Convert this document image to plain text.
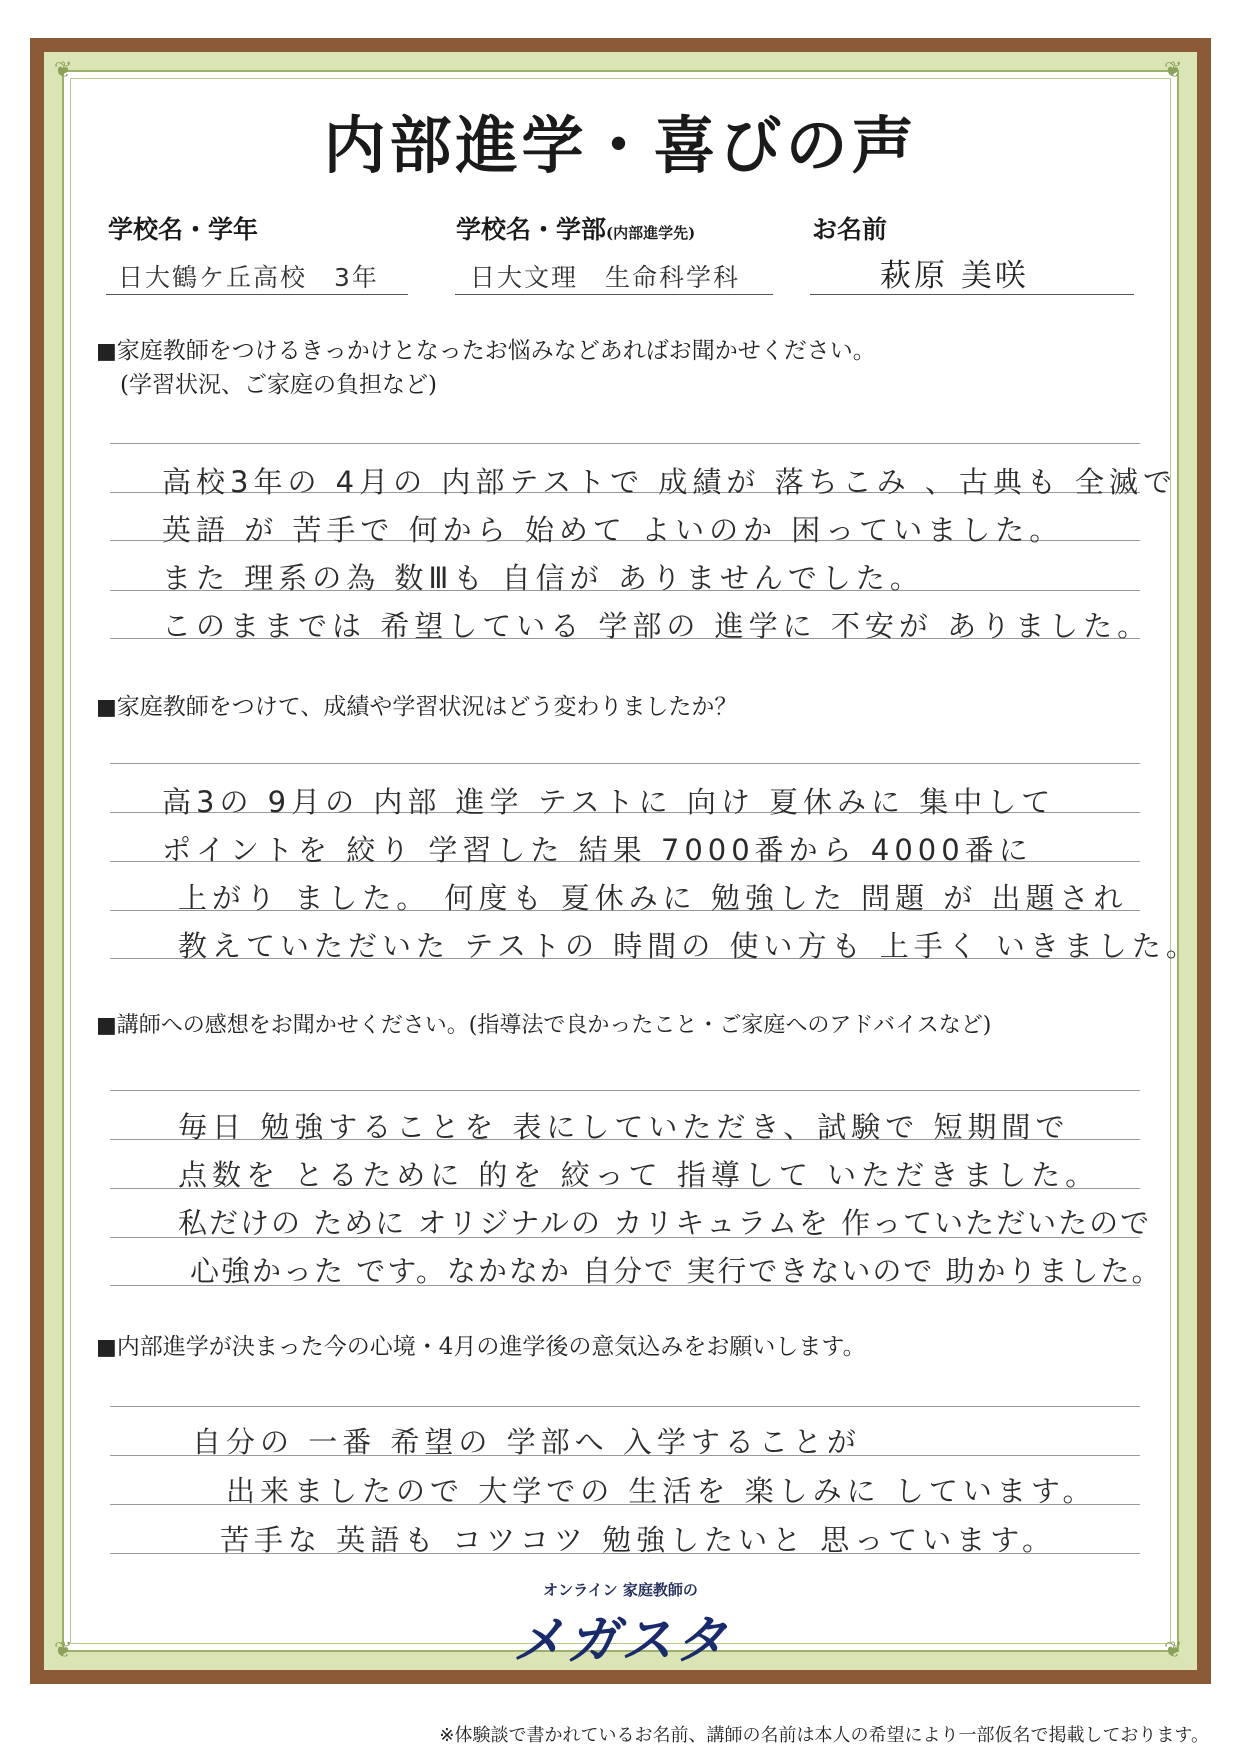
❦	❦
❦	❦
内部進学・喜びの声
学校名・学年
日大鶴ケ丘高校　3年
学校名・学部(内部進学先)
日大文理　生命科学科
お名前
萩原 美咲
■家庭教師をつけるきっかけとなったお悩みなどあればお聞かせください。
(学習状況、ご家庭の負担など)
高校3年の 4月の 内部テストで 成績が 落ちこみ 、古典も 全滅で
英語 が 苦手で 何から 始めて よいのか 困っていました。
また 理系の為 数Ⅲも 自信が ありませんでした。
このままでは 希望している 学部の 進学に 不安が ありました。
■家庭教師をつけて、成績や学習状況はどう変わりましたか？
高3の 9月の 内部 進学 テストに 向け 夏休みに 集中して
ポイントを 絞り 学習した 結果 7000番から 4000番に
上がり ました。 何度も 夏休みに 勉強した 問題 が 出題され
教えていただいた テストの 時間の 使い方も 上手く いきました。
■講師への感想をお聞かせください。(指導法で良かったこと・ご家庭へのアドバイスなど)
毎日 勉強することを 表にしていただき、試験で 短期間で
点数を とるために 的を 絞って 指導して いただきました。
私だけの ために オリジナルの カリキュラムを 作っていただいたので
心強かった です。なかなか 自分で 実行できないので 助かりました。
■内部進学が決まった今の心境・4月の進学後の意気込みをお願いします。
自分の 一番 希望の 学部へ 入学することが
出来ましたので 大学での 生活を 楽しみに しています。
苦手な 英語も コツコツ 勉強したいと 思っています。
オンライン 家庭教師の
メガスタ
※体験談で書かれているお名前、講師の名前は本人の希望により一部仮名で掲載しております。
